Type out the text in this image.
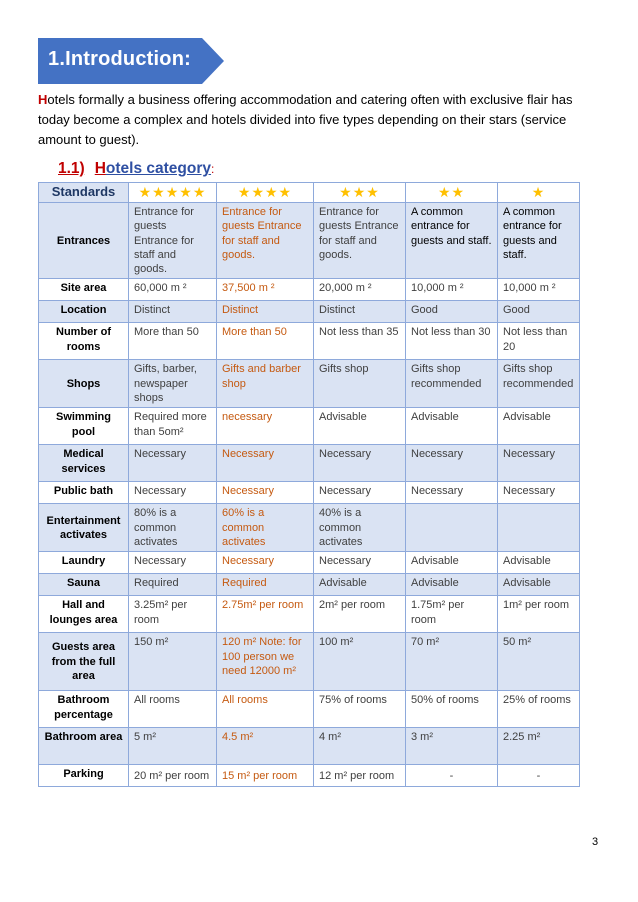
1.Introduction:
Hotels formally a business offering accommodation and catering often with exclusive flair has today become a complex and hotels divided into five types depending on their stars (service amount to guest).
1.1) Hotels category:
Standards	★★★★★	★★★★	★★★	★★	★
Entrances	Entrance for guests Entrance for staff and goods.	Entrance for guests Entrance for staff and goods.	Entrance for guests Entrance for staff and goods.	A common entrance for guests and staff.	A common entrance for guests and staff.
Site area	60,000 m ²	37,500 m ²	20,000 m ²	10,000 m ²	10,000 m ²
Location	Distinct	Distinct	Distinct	Good	Good
Number of rooms	More than 50	More than 50	Not less than 35	Not less than 30	Not less than 20
Shops	Gifts, barber, newspaper shops	Gifts and barber shop	Gifts shop	Gifts shop recommended	Gifts shop recommended
Swimming pool	Required more than 5om²	necessary	Advisable	Advisable	Advisable
Medical services	Necessary	Necessary	Necessary	Necessary	Necessary
Public bath	Necessary	Necessary	Necessary	Necessary	Necessary
Entertainment activates	80% is a common activates	60% is a common activates	40% is a common activates		
Laundry	Necessary	Necessary	Necessary	Advisable	Advisable
Sauna	Required	Required	Advisable	Advisable	Advisable
Hall and lounges area	3.25m² per room	2.75m² per room	2m² per room	1.75m² per room	1m² per room
Guests area from the full area	150 m²	120 m² Note: for 100 person we need 12000 m²	100 m²	70 m²	50 m²
Bathroom percentage	All rooms	All rooms	75% of rooms	50% of rooms	25% of rooms
Bathroom area	5 m²	4.5 m²	4 m²	3 m²	2.25 m²
Parking	20 m² per room	15 m² per room	12 m² per room	-	-
3
